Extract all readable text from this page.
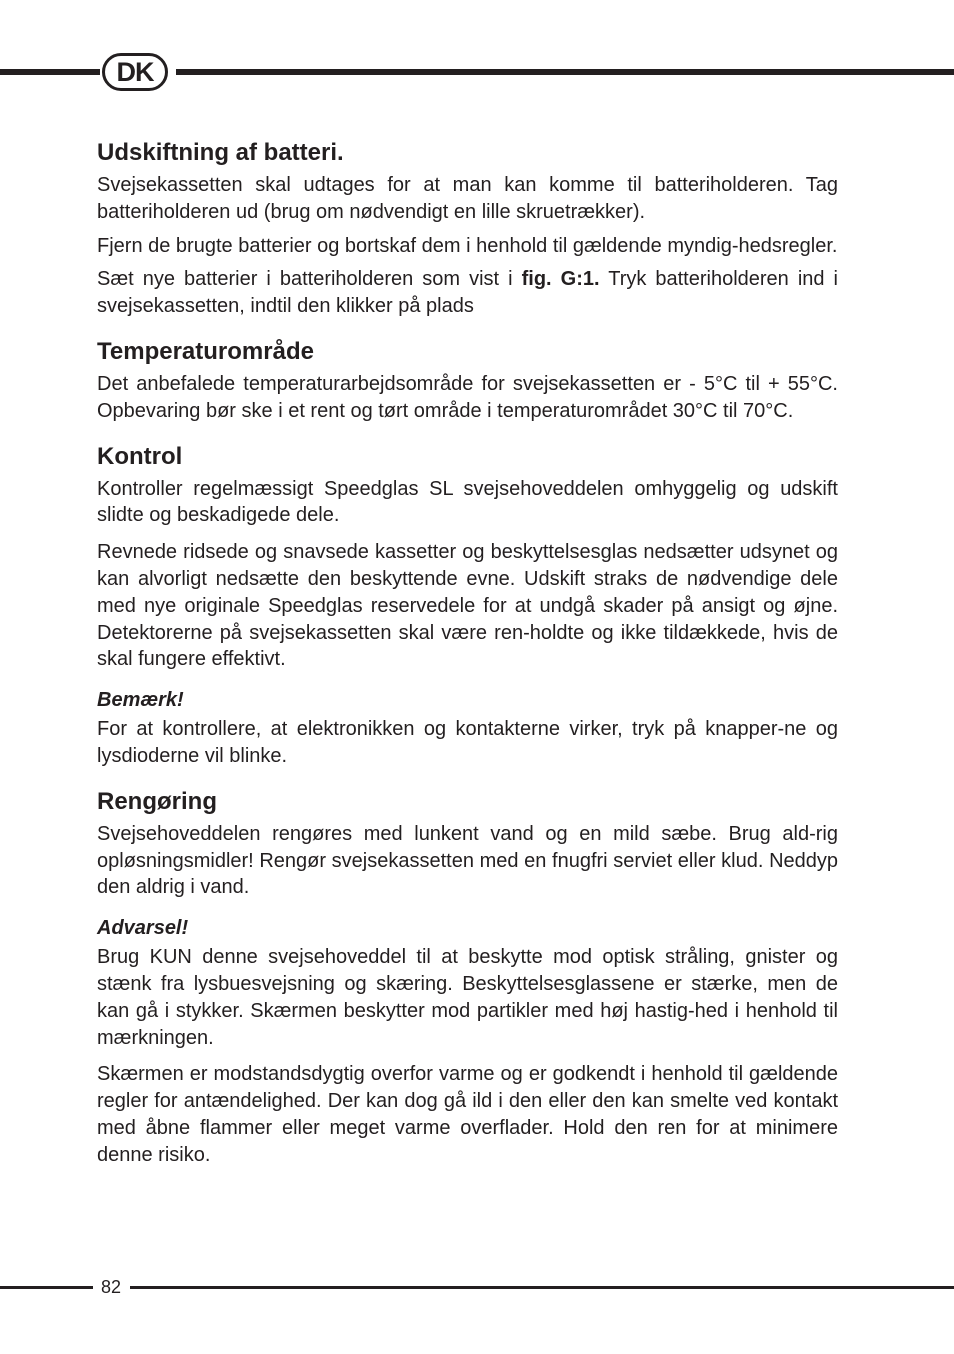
DK
Udskiftning af batteri.

Svejsekassetten skal udtages for at man kan komme til batteriholderen. Tag batteriholderen ud (brug om nødvendigt en lille skruetrækker).

Fjern de brugte batterier og bortskaf dem i henhold til gældende myndig-hedsregler.

Sæt nye batterier i batteriholderen som vist i fig. G:1. Tryk batteriholderen ind i svejsekassetten, indtil den klikker på plads

Temperaturområde

Det anbefalede temperaturarbejdsområde for svejsekassetten er - 5°C til + 55°C. Opbevaring bør ske i et rent og tørt område i temperaturområdet 30°C til 70°C.

Kontrol

Kontroller regelmæssigt Speedglas SL svejsehoveddelen omhyggelig og udskift slidte og beskadigede dele.

Revnede ridsede og snavsede kassetter og beskyttelsesglas nedsætter udsynet og kan alvorligt nedsætte den beskyttende evne. Udskift straks de nødvendige dele med nye originale Speedglas reservedele for at undgå skader på ansigt og øjne. Detektorerne på svejsekassetten skal være ren-holdte og ikke tildækkede, hvis de skal fungere effektivt.

Bemærk!

For at kontrollere, at elektronikken og kontakterne virker, tryk på knapper-ne og lysdioderne vil blinke.

Rengøring

Svejsehoveddelen rengøres med lunkent vand og en mild sæbe. Brug ald-rig opløsningsmidler! Rengør svejsekassetten med en fnugfri serviet eller klud. Neddyp den aldrig i vand.

Advarsel!

Brug KUN denne svejsehoveddel til at beskytte mod optisk stråling, gnister og stænk fra lysbuesvejsning og skæring. Beskyttelsesglassene er stærke, men de kan gå i stykker. Skærmen beskytter mod partikler med høj hastig-hed i henhold til mærkningen.

Skærmen er modstandsdygtig overfor varme og er godkendt i henhold til gældende regler for antændelighed. Der kan dog gå ild i den eller den kan smelte ved kontakt med åbne flammer eller meget varme overflader. Hold den ren for at minimere denne risiko.

82
